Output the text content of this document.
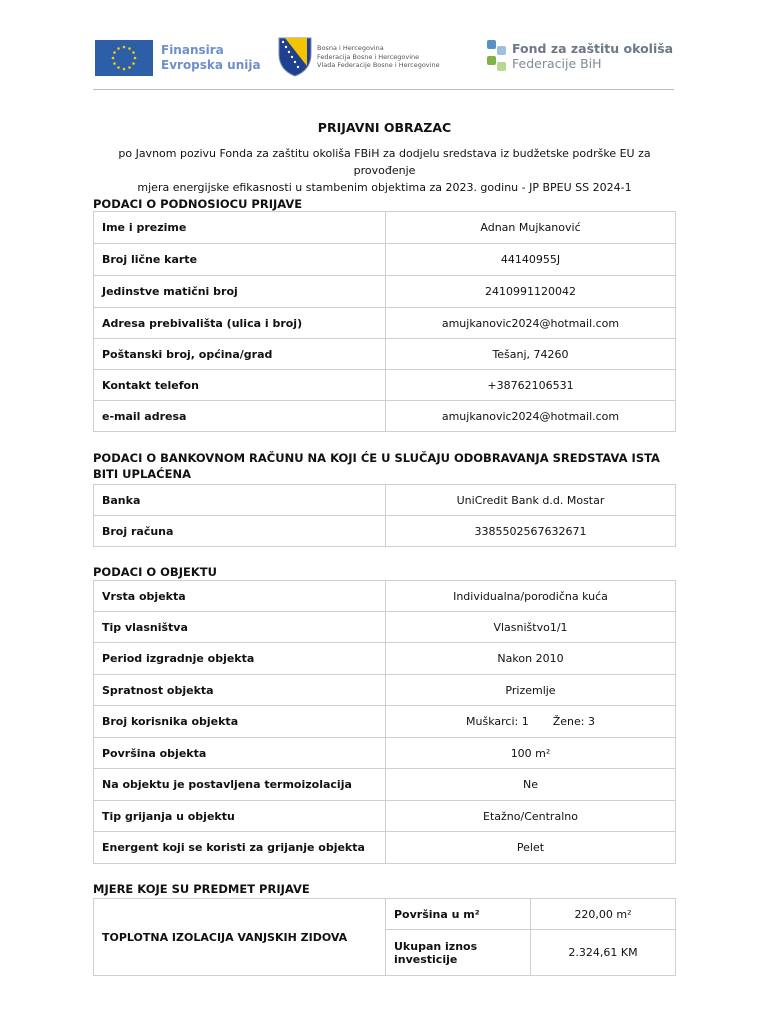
Finansira
Evropska unija
Bosna i Hercegovina
Federacija Bosne i Hercegovine
Vlada Federacije Bosne i Hercegovine
Fond za zaštitu okoliša
Federacije BiH
PRIJAVNI OBRAZAC
po Javnom pozivu Fonda za zaštitu okoliša FBiH za dodjelu sredstava iz budžetske podrške EU za provođenje
mjera energijske efikasnosti u stambenim objektima za 2023. godinu - JP BPEU SS 2024-1
PODACI O PODNOSIOCU PRIJAVE
Ime i prezime	Adnan Mujkanović
Broj lične karte	44140955J
Jedinstve matični broj	2410991120042
Adresa prebivališta (ulica i broj)	amujkanovic2024@hotmail.com
Poštanski broj, općina/grad	Tešanj, 74260
Kontakt telefon	+38762106531
e-mail adresa	amujkanovic2024@hotmail.com
PODACI O BANKOVNOM RAČUNU NA KOJI ĆE U SLUČAJU ODOBRAVANJA SREDSTAVA ISTA
BITI UPLAĆENA
Banka	UniCredit Bank d.d. Mostar
Broj računa	3385502567632671
PODACI O OBJEKTU
Vrsta objekta	Individualna/porodična kuća
Tip vlasništva	Vlasništvo1/1
Period izgradnje objekta	Nakon 2010
Spratnost objekta	Prizemlje
Broj korisnika objekta	Muškarci: 1 Žene: 3
Površina objekta	100 m²
Na objektu je postavljena termoizolacija	Ne
Tip grijanja u objektu	Etažno/Centralno
Energent koji se koristi za grijanje objekta	Pelet
MJERE KOJE SU PREDMET PRIJAVE
TOPLOTNA IZOLACIJA VANJSKIH ZIDOVA	Površina u m²	220,00 m²

	Ukupan iznos
investicije	2.324,61 KM
